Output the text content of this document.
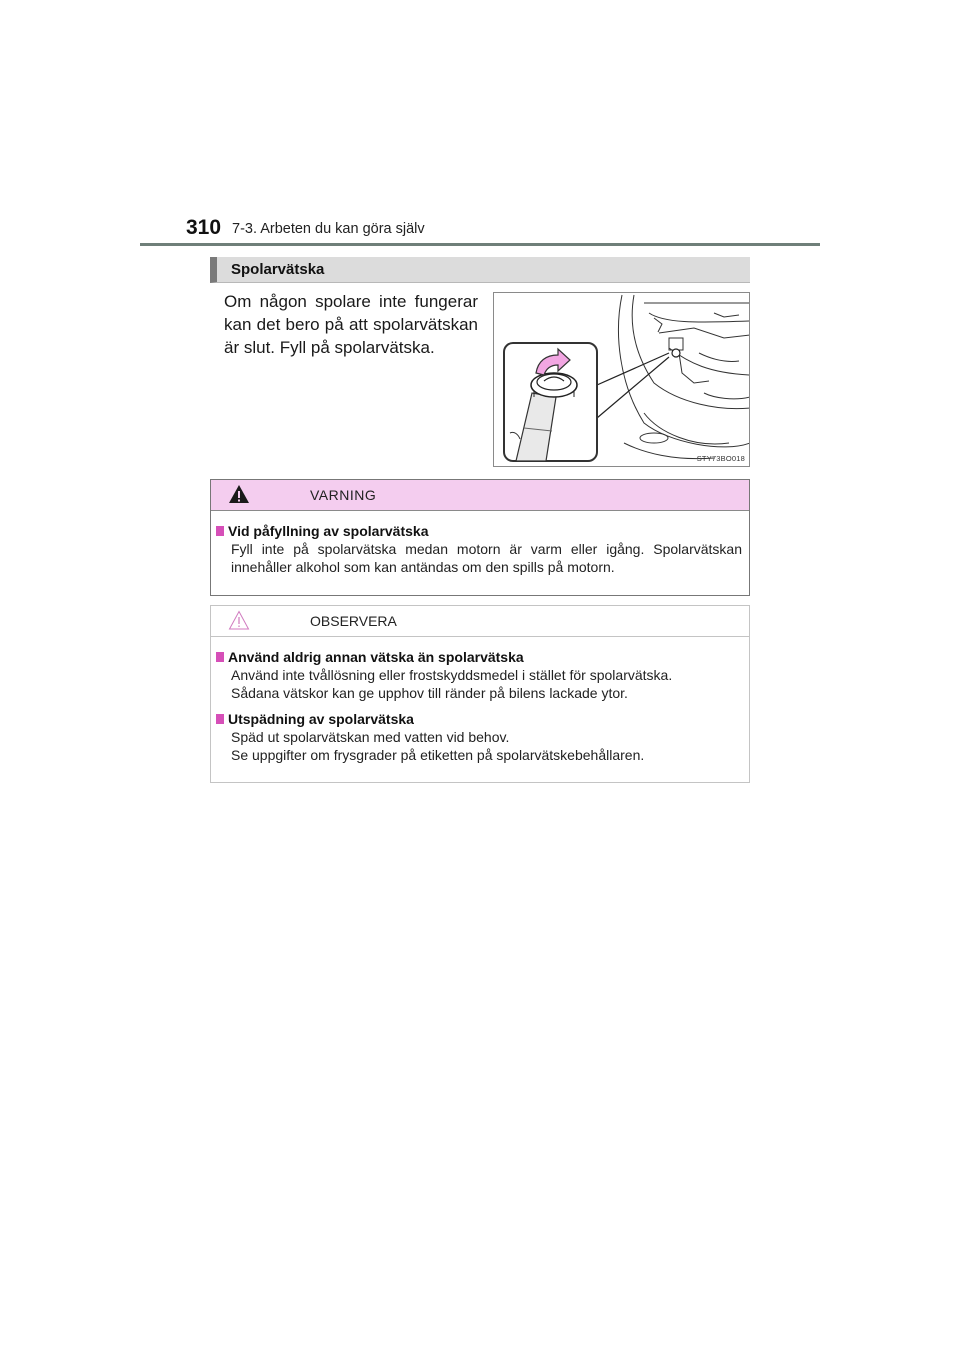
310 7-3. Arbeten du kan göra själv
Spolarvätska
Om någon spolare inte fungerar kan det bero på att spolarvätskan är slut. Fyll på spolarvätska.
STY73BO018
VARNING
Vid påfyllning av spolarvätska
Fyll inte på spolarvätska medan motorn är varm eller igång. Spolarvätskan innehåller alkohol som kan antändas om den spills på motorn.
OBSERVERA
Använd aldrig annan vätska än spolarvätska
Använd inte tvållösning eller frostskyddsmedel i stället för spolarvätska.
Sådana vätskor kan ge upphov till ränder på bilens lackade ytor.
Utspädning av spolarvätska
Späd ut spolarvätskan med vatten vid behov.
Se uppgifter om frysgrader på etiketten på spolarvätskebehållaren.
